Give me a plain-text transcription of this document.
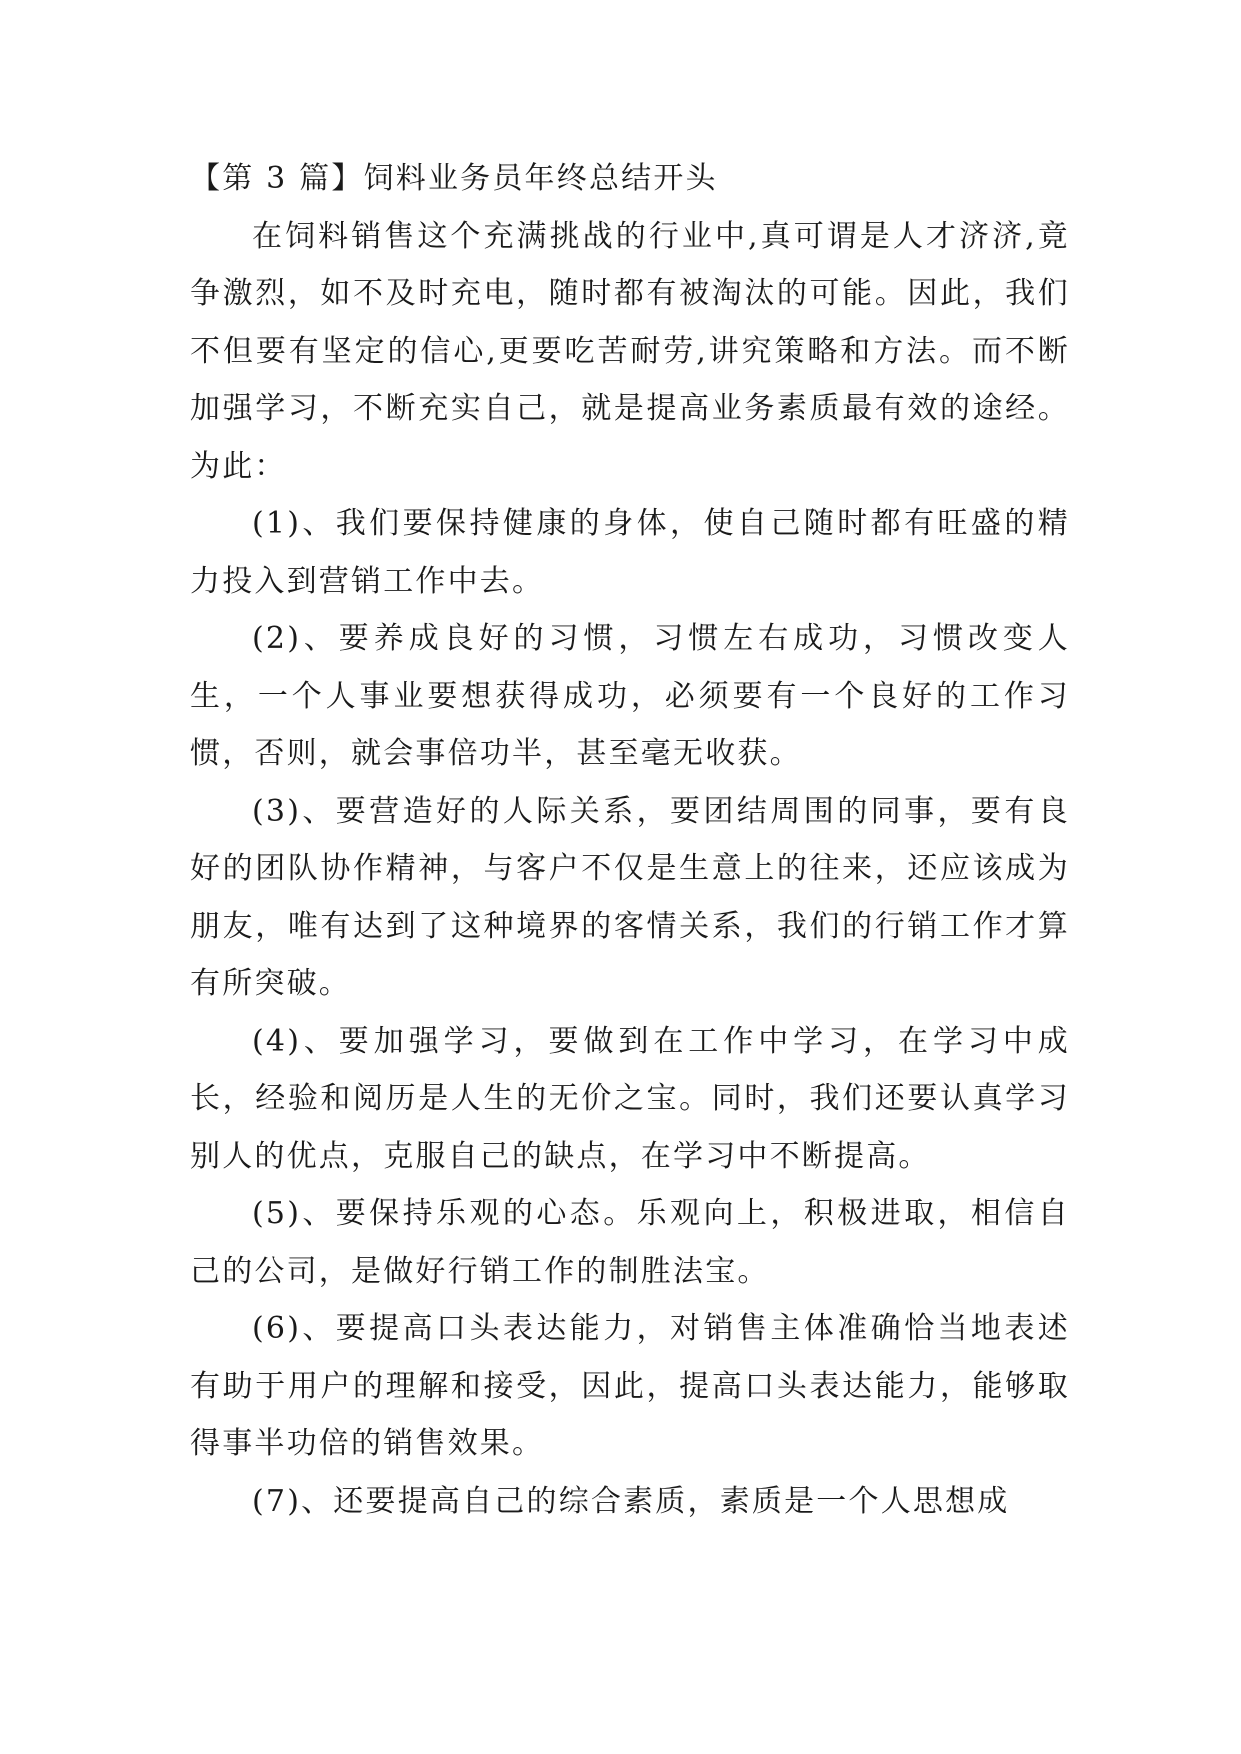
【第 3 篇】饲料业务员年终总结开头

在饲料销售这个充满挑战的行业中,真可谓是人才济济,竟争激烈，如不及时充电，随时都有被淘汰的可能。因此，我们不但要有坚定的信心,更要吃苦耐劳,讲究策略和方法。而不断加强学习，不断充实自己，就是提高业务素质最有效的途经。为此：

(1)、我们要保持健康的身体，使自己随时都有旺盛的精力投入到营销工作中去。

(2)、要养成良好的习惯，习惯左右成功，习惯改变人生，一个人事业要想获得成功，必须要有一个良好的工作习惯，否则，就会事倍功半，甚至毫无收获。

(3)、要营造好的人际关系，要团结周围的同事，要有良好的团队协作精神，与客户不仅是生意上的往来，还应该成为朋友，唯有达到了这种境界的客情关系，我们的行销工作才算有所突破。

(4)、要加强学习，要做到在工作中学习，在学习中成长，经验和阅历是人生的无价之宝。同时，我们还要认真学习别人的优点，克服自己的缺点，在学习中不断提高。

(5)、要保持乐观的心态。乐观向上，积极进取，相信自己的公司，是做好行销工作的制胜法宝。

(6)、要提高口头表达能力，对销售主体准确恰当地表述有助于用户的理解和接受，因此，提高口头表达能力，能够取得事半功倍的销售效果。

(7)、还要提高自己的综合素质，素质是一个人思想成
